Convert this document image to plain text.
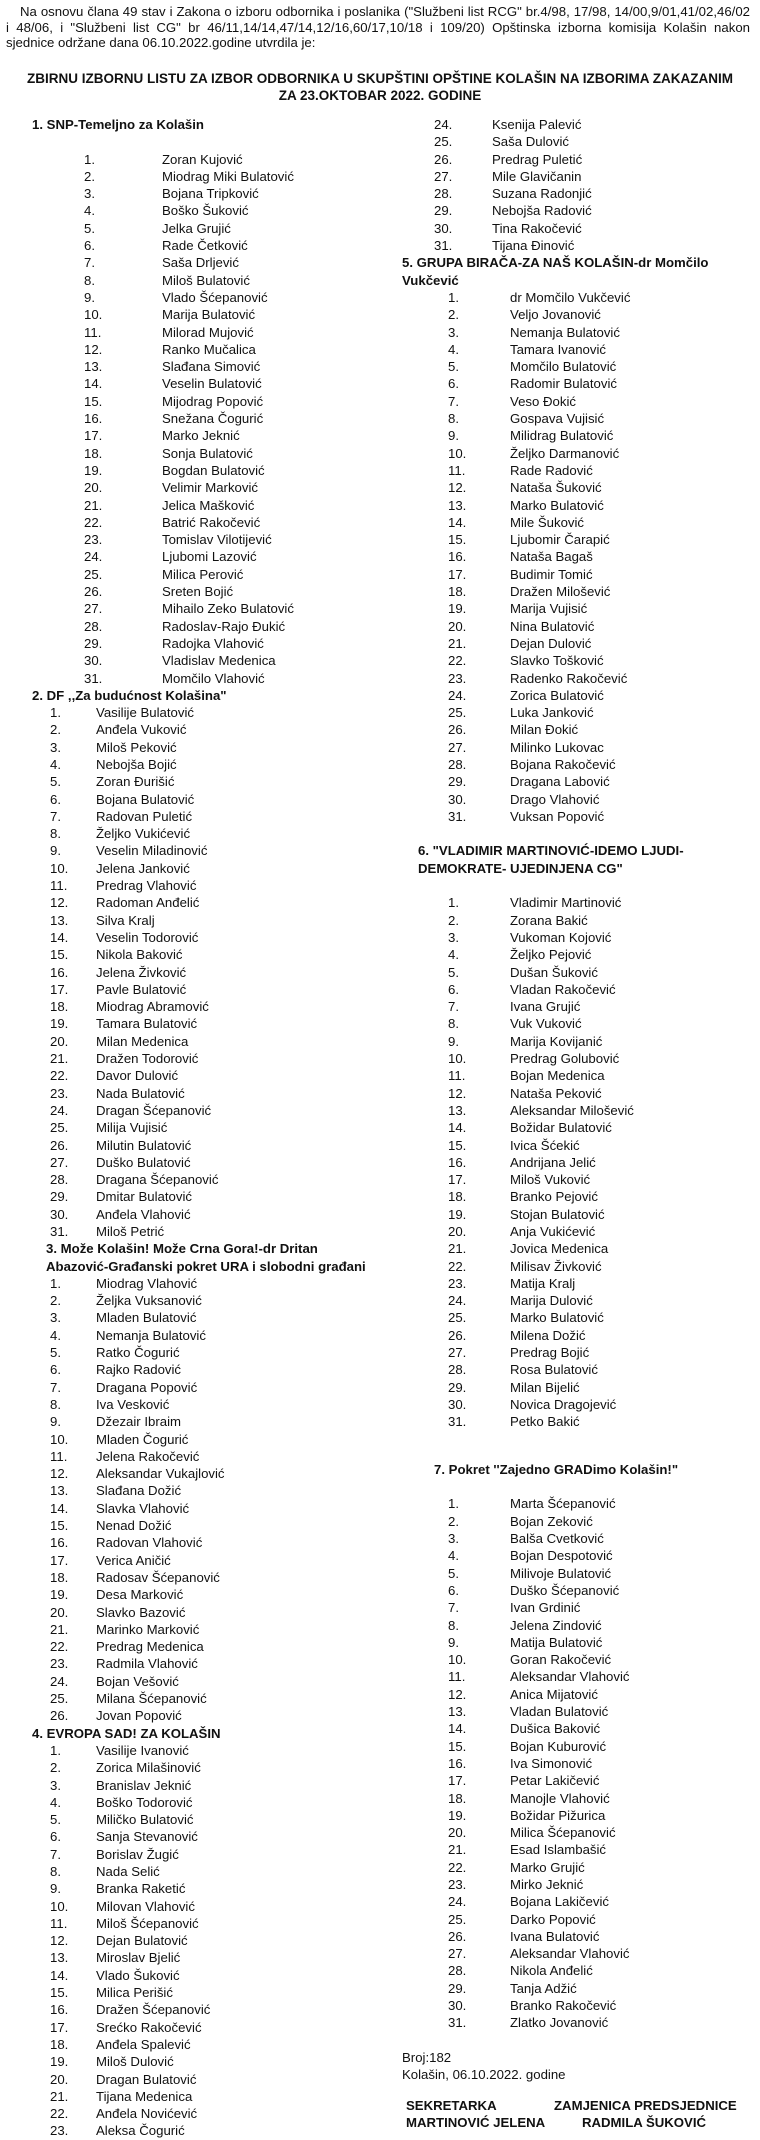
Na osnovu člana 49 stav i Zakona o izboru odbornika i poslanika ("Službeni list RCG" br.4/98, 17/98, 14/00,9/01,41/02,46/02 i 48/06, i "Službeni list CG" br 46/11,14/14,47/14,12/16,60/17,10/18 i 109/20) Opštinska izborna komisija Kolašin nakon sjednice održane dana 06.10.2022.godine utvrdila je:

ZBIRNU IZBORNU LISTU ZA IZBOR ODBORNIKA U SKUPŠTINI OPŠTINE KOLAŠIN NA IZBORIMA ZAKAZANIM ZA 23.OKTOBAR 2022. GODINE

1. SNP-Temeljno za Kolašin

1.	Zoran Kujović
2.	Miodrag Miki Bulatović
3.	Bojana Tripković
4.	Boško Šuković
5.	Jelka Grujić
6.	Rade Četković
7.	Saša Drljević
8.	Miloš Bulatović
9.	Vlado Šćepanović
10.	Marija Bulatović
11.	Milorad Mujović
12.	Ranko Mučalica
13.	Slađana Simović
14.	Veselin Bulatović
15.	Mijodrag Popović
16.	Snežana Čogurić
17.	Marko Jeknić
18.	Sonja Bulatović
19.	Bogdan Bulatović
20.	Velimir Marković
21.	Jelica Mašković
22.	Batrić Rakočević
23.	Tomislav Vilotijević
24.	Ljubomi Lazović
25.	Milica Perović
26.	Sreten Bojić
27.	Mihailo Zeko Bulatović
28.	Radoslav-Rajo Đukić
29.	Radojka Vlahović
30.	Vladislav Medenica
31.	Momčilo Vlahović

2. DF ,,Za budućnost Kolašina"

1.	Vasilije Bulatović
2.	Anđela Vuković
3.	Miloš Peković
4.	Nebojša Bojić
5.	Zoran Đurišić
6.	Bojana Bulatović
7.	Radovan Puletić
8.	Željko Vukićević
9.	Veselin Miladinović
10.	Jelena Janković
11.	Predrag Vlahović
12.	Radoman Anđelić
13.	Silva Kralj
14.	Veselin Todorović
15.	Nikola Baković
16.	Jelena Živković
17.	Pavle Bulatović
18.	Miodrag Abramović
19.	Tamara Bulatović
20.	Milan Medenica
21.	Dražen Todorović
22.	Davor Dulović
23.	Nada Bulatović
24.	Dragan Šćepanović
25.	Milija Vujisić
26.	Milutin Bulatović
27.	Duško Bulatović
28.	Dragana Šćepanović
29.	Dmitar Bulatović
30.	Anđela Vlahović
31.	Miloš Petrić

3. Može Kolašin! Može Crna Gora!-dr Dritan Abazović-Građanski pokret URA i slobodni građani

1.	Miodrag Vlahović
2.	Željka Vuksanović
3.	Mladen Bulatović
4.	Nemanja Bulatović
5.	Ratko Čogurić
6.	Rajko Radović
7.	Dragana Popović
8.	Iva Vesković
9.	Džezair Ibraim
10.	Mladen Čogurić
11.	Jelena Rakočević
12.	Aleksandar Vukajlović
13.	Slađana Dožić
14.	Slavka Vlahović
15.	Nenad Dožić
16.	Radovan Vlahović
17.	Verica Aničić
18.	Radosav Šćepanović
19.	Desa Marković
20.	Slavko Bazović
21.	Marinko Marković
22.	Predrag Medenica
23.	Radmila Vlahović
24.	Bojan Vešović
25.	Milana Šćepanović
26.	Jovan Popović

4. EVROPA SAD! ZA KOLAŠIN

1.	Vasilije Ivanović
2.	Zorica Milašinović
3.	Branislav Jeknić
4.	Boško Todorović
5.	Miličko Bulatović
6.	Sanja Stevanović
7.	Borislav Žugić
8.	Nada Selić
9.	Branka Raketić
10.	Milovan Vlahović
11.	Miloš Šćepanović
12.	Dejan Bulatović
13.	Miroslav Bjelić
14.	Vlado Šuković
15.	Milica Perišić
16.	Dražen Šćepanović
17.	Srećko Rakočević
18.	Anđela Spalević
19.	Miloš Dulović
20.	Dragan Bulatović
21.	Tijana Medenica
22.	Anđela Novićević
23.	Aleksa Čogurić
24.	Ksenija Palević
25.	Saša Dulović
26.	Predrag Puletić
27.	Mile Glavičanin
28.	Suzana Radonjić
29.	Nebojša Radović
30.	Tina Rakočević
31.	Tijana Đinović

5. GRUPA BIRAČA-ZA NAŠ KOLAŠIN-dr Momčilo Vukčević

1.	dr Momčilo Vukčević
2.	Veljo Jovanović
3.	Nemanja Bulatović
4.	Tamara Ivanović
5.	Momčilo Bulatović
6.	Radomir Bulatović
7.	Veso Đokić
8.	Gospava Vujisić
9.	Milidrag Bulatović
10.	Željko Darmanović
11.	Rade Radović
12.	Nataša Šuković
13.	Marko Bulatović
14.	Mile Šuković
15.	Ljubomir Čarapić
16.	Nataša Bagaš
17.	Budimir Tomić
18.	Dražen Milošević
19.	Marija Vujisić
20.	Nina Bulatović
21.	Dejan Dulović
22.	Slavko Tošković
23.	Radenko Rakočević
24.	Zorica Bulatović
25.	Luka Janković
26.	Milan Đokić
27.	Milinko Lukovac
28.	Bojana Rakočević
29.	Dragana Labović
30.	Drago Vlahović
31.	Vuksan Popović

6. "VLADIMIR MARTINOVIĆ-IDEMO LJUDI-DEMOKRATE- UJEDINJENA CG"

1.	Vladimir Martinović
2.	Zorana Bakić
3.	Vukoman Kojović
4.	Željko Pejović
5.	Dušan Šuković
6.	Vladan Rakočević
7.	Ivana Grujić
8.	Vuk Vuković
9.	Marija Kovijanić
10.	Predrag Golubović
11.	Bojan Medenica
12.	Nataša Peković
13.	Aleksandar Milošević
14.	Božidar Bulatović
15.	Ivica Šćekić
16.	Andrijana Jelić
17.	Miloš Vuković
18.	Branko Pejović
19.	Stojan Bulatović
20.	Anja Vukićević
21.	Jovica Medenica
22.	Milisav Živković
23.	Matija Kralj
24.	Marija Dulović
25.	Marko Bulatović
26.	Milena Dožić
27.	Predrag Bojić
28.	Rosa Bulatović
29.	Milan Bijelić
30.	Novica Dragojević
31.	Petko Bakić

7. Pokret ''Zajedno GRADimo Kolašin!"

1.	Marta Šćepanović
2.	Bojan Zeković
3.	Balša Cvetković
4.	Bojan Despotović
5.	Milivoje Bulatović
6.	Duško Šćepanović
7.	Ivan Grdinić
8.	Jelena Zindović
9.	Matija Bulatović
10.	Goran Rakočević
11.	Aleksandar Vlahović
12.	Anica Mijatović
13.	Vladan Bulatović
14.	Dušica Baković
15.	Bojan Kuburović
16.	Iva Simonović
17.	Petar Lakičević
18.	Manojle Vlahović
19.	Božidar Pižurica
20.	Milica Šćepanović
21.	Esad Islambašić
22.	Marko Grujić
23.	Mirko Jeknić
24.	Bojana Lakičević
25.	Darko Popović
26.	Ivana Bulatović
27.	Aleksandar Vlahović
28.	Nikola Anđelić
29.	Tanja Adžić
30.	Branko Rakočević
31.	Zlatko Jovanović

Broj:182

Kolašin, 06.10.2022. godine

SEKRETARKA
MARTINOVIĆ JELENA
ZAMJENICA PREDSJEDNICE
RADMILA ŠUKOVIĆ
